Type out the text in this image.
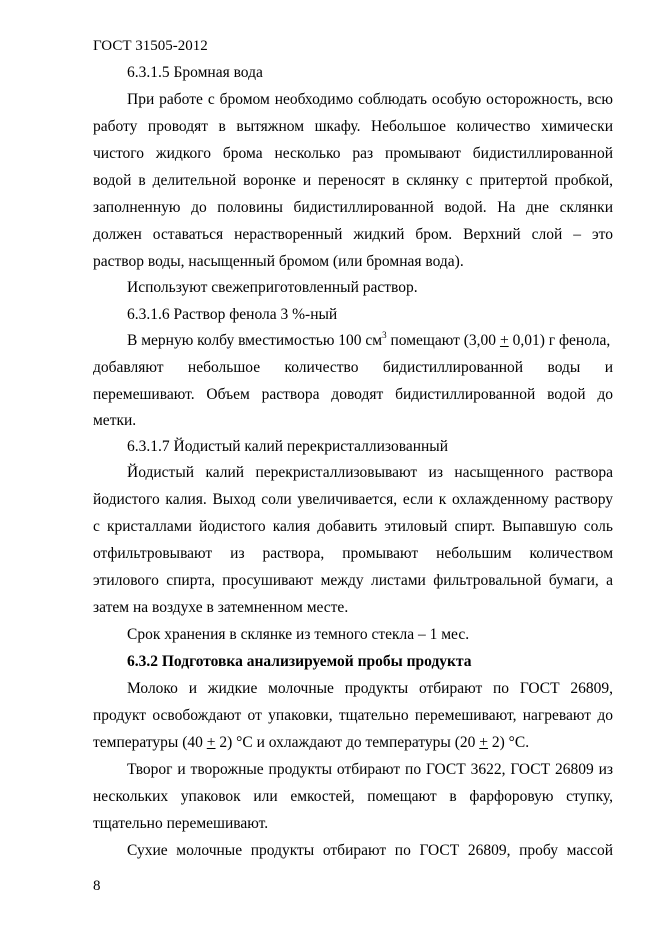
ГОСТ 31505-2012
6.3.1.5 Бромная вода
При работе с бромом необходимо соблюдать особую осторожность, всю
работу проводят в вытяжном шкафу. Небольшое количество химически
чистого жидкого брома несколько раз промывают бидистиллированной
водой в делительной воронке и переносят в склянку с притертой пробкой,
заполненную до половины бидистиллированной водой. На дне склянки
должен оставаться нерастворенный жидкий бром. Верхний слой – это
раствор воды, насыщенный бромом (или бромная вода).
Используют свежеприготовленный раствор.
6.3.1.6 Раствор фенола 3 %-ный
В мерную колбу вместимостью 100 $см^3$ помещают (3,00 + 0,01) г фенола,
добавляют небольшое количество бидистиллированной воды и
перемешивают. Объем раствора доводят бидистиллированной водой до
метки.
6.3.1.7 Йодистый калий перекристаллизованный
Йодистый калий перекристаллизовывают из насыщенного раствора
йодистого калия. Выход соли увеличивается, если к охлажденному раствору
с кристаллами йодистого калия добавить этиловый спирт. Выпавшую соль
отфильтровывают из раствора, промывают небольшим количеством
этилового спирта, просушивают между листами фильтровальной бумаги, а
затем на воздухе в затемненном месте.
Срок хранения в склянке из темного стекла – 1 мес.
6.3.2 Подготовка анализируемой пробы продукта
Молоко и жидкие молочные продукты отбирают по ГОСТ 26809,
продукт освобождают от упаковки, тщательно перемешивают, нагревают до
температуры (40 + 2) °С и охлаждают до температуры (20 + 2) °С.
Творог и творожные продукты отбирают по ГОСТ 3622, ГОСТ 26809 из
нескольких упаковок или емкостей, помещают в фарфоровую ступку,
тщательно перемешивают.
Сухие молочные продукты отбирают по ГОСТ 26809, пробу массой
8
